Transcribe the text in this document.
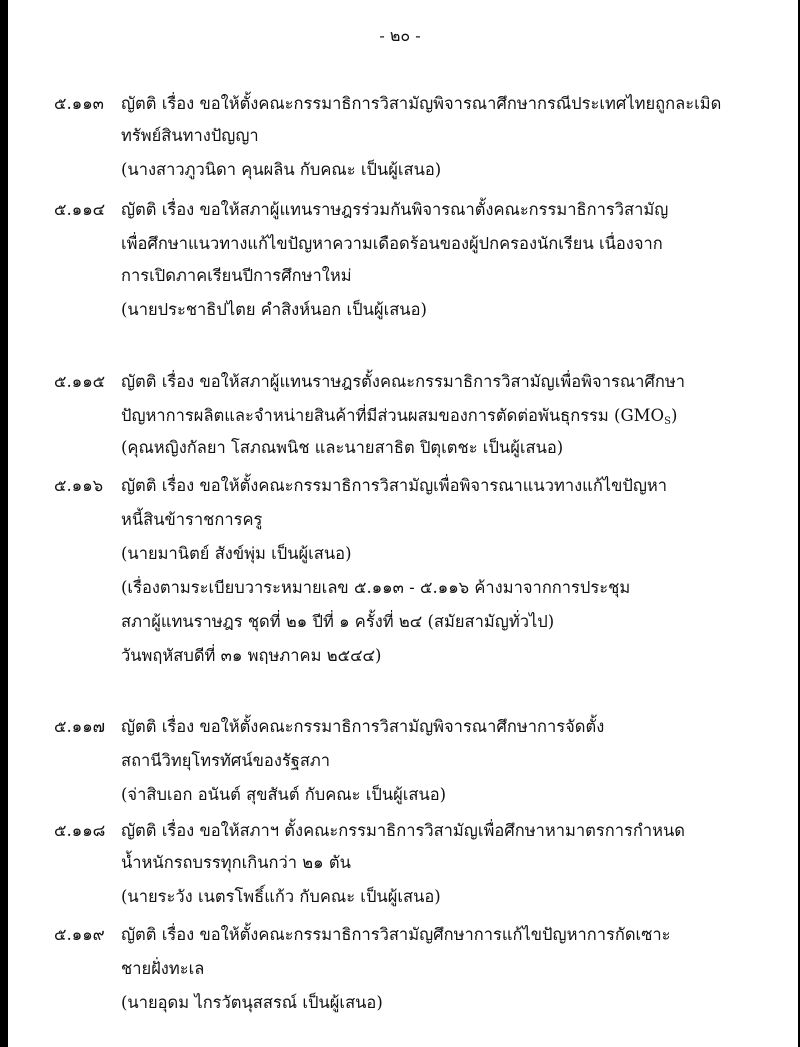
- ๒๐ -
๕.๑๑๓ ญัตติ เรื่อง ขอให้ตั้งคณะกรรมาธิการวิสามัญพิจารณาศึกษากรณีประเทศไทยถูกละเมิด
ทรัพย์สินทางปัญญา
(นางสาวภูวนิดา คุนผลิน กับคณะ เป็นผู้เสนอ)
๕.๑๑๔ ญัตติ เรื่อง ขอให้สภาผู้แทนราษฎรร่วมกันพิจารณาตั้งคณะกรรมาธิการวิสามัญ
เพื่อศึกษาแนวทางแก้ไขปัญหาความเดือดร้อนของผู้ปกครองนักเรียน เนื่องจาก
การเปิดภาคเรียนปีการศึกษาใหม่
(นายประชาธิปไตย คำสิงห์นอก เป็นผู้เสนอ)
๕.๑๑๕ ญัตติ เรื่อง ขอให้สภาผู้แทนราษฎรตั้งคณะกรรมาธิการวิสามัญเพื่อพิจารณาศึกษา
ปัญหาการผลิตและจำหน่ายสินค้าที่มีส่วนผสมของการตัดต่อพันธุกรรม $(GMO_S)$
(คุณหญิงกัลยา โสภณพนิช และนายสาธิต ปิตุเตชะ เป็นผู้เสนอ)
๕.๑๑๖ ญัตติ เรื่อง ขอให้ตั้งคณะกรรมาธิการวิสามัญเพื่อพิจารณาแนวทางแก้ไขปัญหา
หนี้สินข้าราชการครู
(นายมานิตย์ สังข์พุ่ม เป็นผู้เสนอ)
(เรื่องตามระเบียบวาระหมายเลข ๕.๑๑๓ - ๕.๑๑๖ ค้างมาจากการประชุม
สภาผู้แทนราษฎร ชุดที่ ๒๑ ปีที่ ๑ ครั้งที่ ๒๔ (สมัยสามัญทั่วไป)
วันพฤหัสบดีที่ ๓๑ พฤษภาคม ๒๕๔๔)
๕.๑๑๗ ญัตติ เรื่อง ขอให้ตั้งคณะกรรมาธิการวิสามัญพิจารณาศึกษาการจัดตั้ง
สถานีวิทยุโทรทัศน์ของรัฐสภา
(จ่าสิบเอก อนันต์ สุขสันต์ กับคณะ เป็นผู้เสนอ)
๕.๑๑๘ ญัตติ เรื่อง ขอให้สภาฯ ตั้งคณะกรรมาธิการวิสามัญเพื่อศึกษาหามาตรการกำหนด
น้ำหนักรถบรรทุกเกินกว่า ๒๑ ตัน
(นายระวัง เนตรโพธิ์แก้ว กับคณะ เป็นผู้เสนอ)
๕.๑๑๙ ญัตติ เรื่อง ขอให้ตั้งคณะกรรมาธิการวิสามัญศึกษาการแก้ไขปัญหาการกัดเซาะ
ชายฝั่งทะเล
(นายอุดม ไกรวัตนุสสรณ์ เป็นผู้เสนอ)
